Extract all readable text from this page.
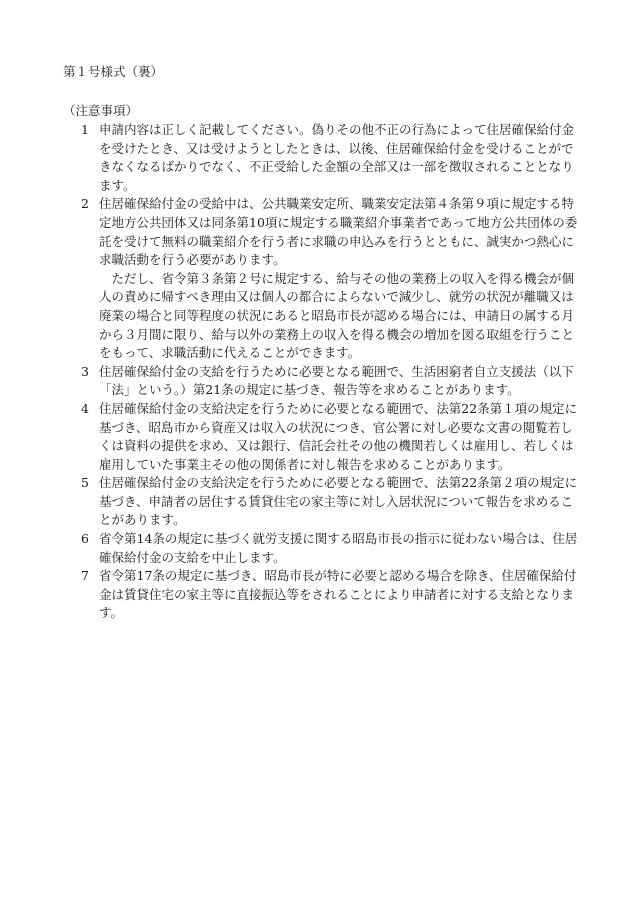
第１号様式（裏）
（注意事項）
1 申請内容は正しく記載してください。偽りその他不正の行為によって住居確保給付金を受けたとき、又は受けようとしたときは、以後、住居確保給付金を受けることができなくなるばかりでなく、不正受給した金額の全部又は一部を徴収されることとなります。

2 住居確保給付金の受給中は、公共職業安定所、職業安定法第４条第９項に規定する特定地方公共団体又は同条第10項に規定する職業紹介事業者であって地方公共団体の委託を受けて無料の職業紹介を行う者に求職の申込みを行うとともに、誠実かつ熱心に求職活動を行う必要があります。

ただし、省令第３条第２号に規定する、給与その他の業務上の収入を得る機会が個人の責めに帰すべき理由又は個人の都合によらないで減少し、就労の状況が離職又は廃業の場合と同等程度の状況にあると昭島市長が認める場合には、申請日の属する月から３月間に限り、給与以外の業務上の収入を得る機会の増加を図る取組を行うことをもって、求職活動に代えることができます。

3 住居確保給付金の支給を行うために必要となる範囲で、生活困窮者自立支援法（以下「法」という。）第21条の規定に基づき、報告等を求めることがあります。

4 住居確保給付金の支給決定を行うために必要となる範囲で、法第22条第１項の規定に基づき、昭島市から資産又は収入の状況につき、官公署に対し必要な文書の閲覧若しくは資料の提供を求め、又は銀行、信託会社その他の機関若しくは雇用し、若しくは雇用していた事業主その他の関係者に対し報告を求めることがあります。

5 住居確保給付金の支給決定を行うために必要となる範囲で、法第22条第２項の規定に基づき、申請者の居住する賃貸住宅の家主等に対し入居状況について報告を求めることがあります。

6 省令第14条の規定に基づく就労支援に関する昭島市長の指示に従わない場合は、住居確保給付金の支給を中止します。

7 省令第17条の規定に基づき、昭島市長が特に必要と認める場合を除き、住居確保給付金は賃貸住宅の家主等に直接振込等をされることにより申請者に対する支給となります。
